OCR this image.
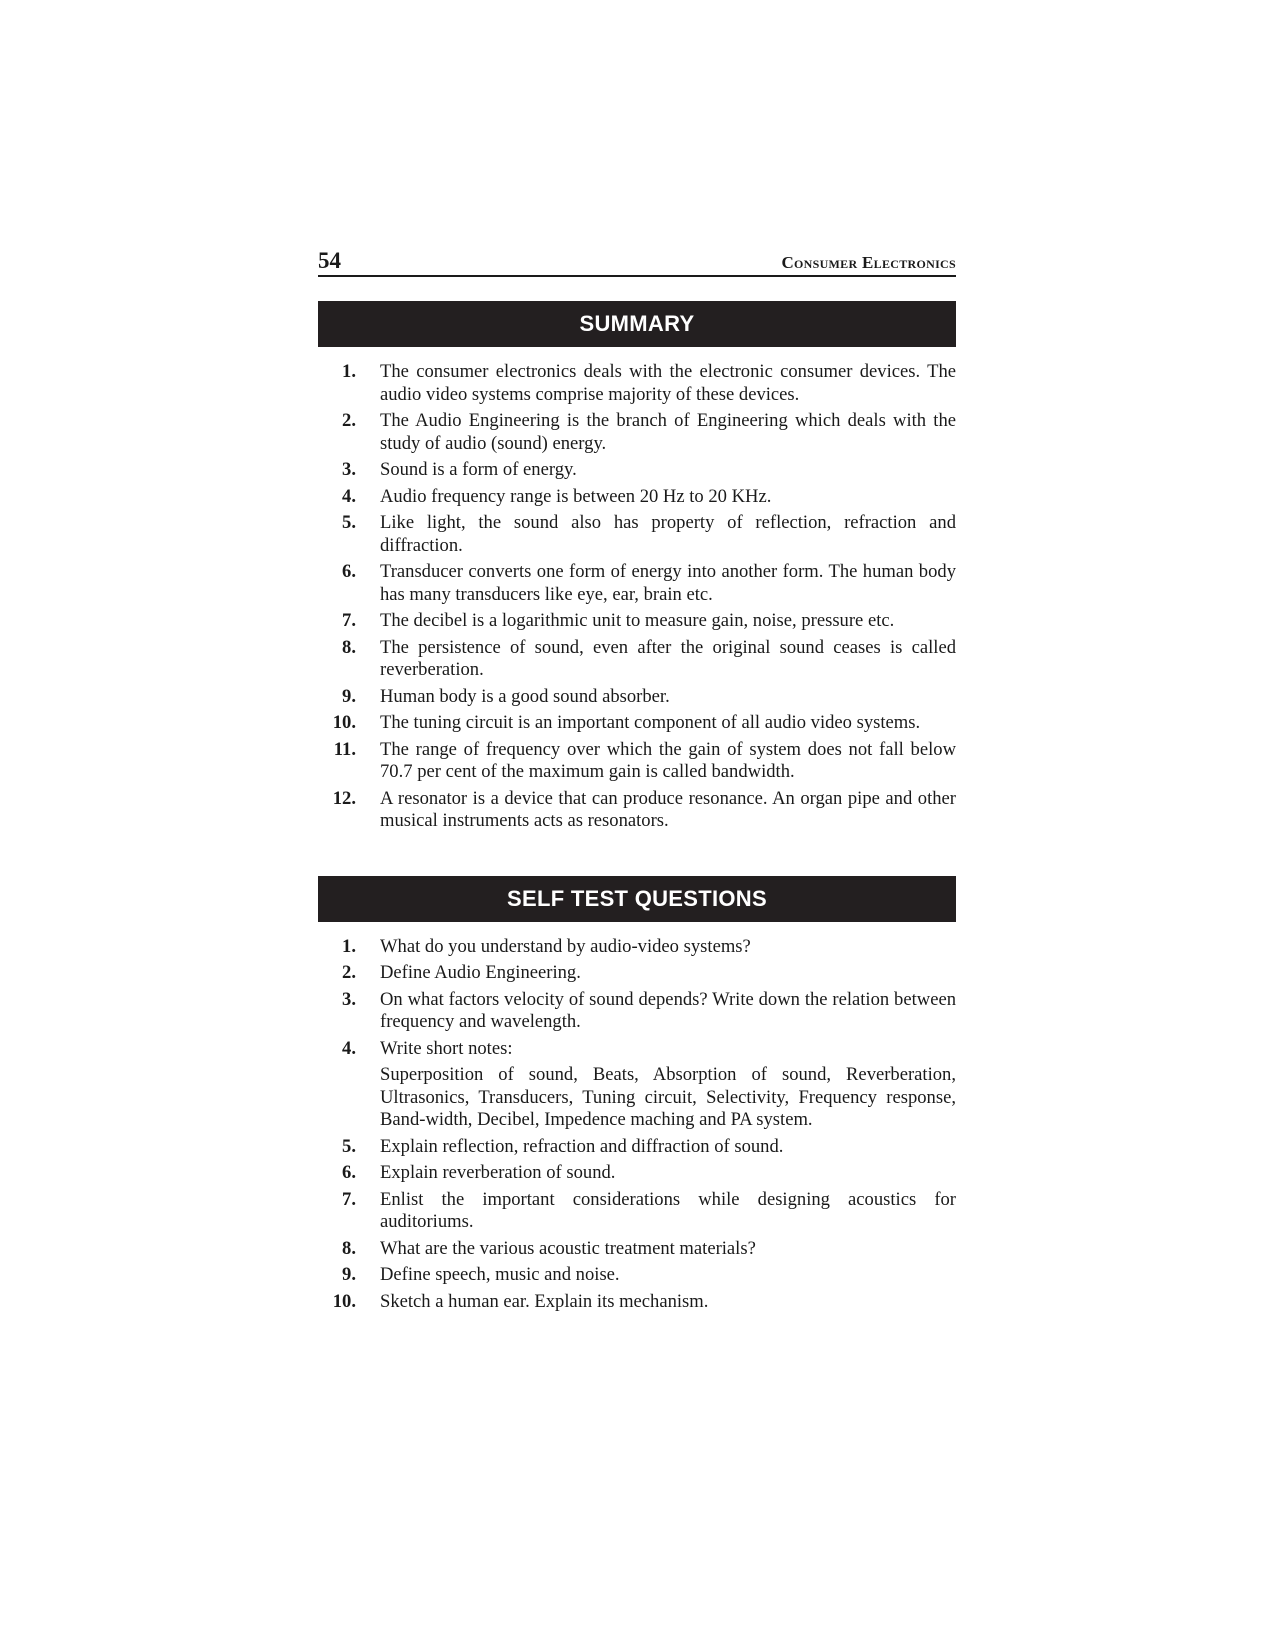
54	Consumer Electronics
SUMMARY
1.	The consumer electronics deals with the electronic consumer devices. The audio video systems comprise majority of these devices.
2.	The Audio Engineering is the branch of Engineering which deals with the study of audio (sound) energy.
3.	Sound is a form of energy.
4.	Audio frequency range is between 20 Hz to 20 KHz.
5.	Like light, the sound also has property of reflection, refraction and diffraction.
6.	Transducer converts one form of energy into another form. The human body has many transducers like eye, ear, brain etc.
7.	The decibel is a logarithmic unit to measure gain, noise, pressure etc.
8.	The persistence of sound, even after the original sound ceases is called reverberation.
9.	Human body is a good sound absorber.
10.	The tuning circuit is an important component of all audio video systems.
11.	The range of frequency over which the gain of system does not fall below 70.7 per cent of the maximum gain is called bandwidth.
12.	A resonator is a device that can produce resonance. An organ pipe and other musical instruments acts as resonators.
SELF TEST QUESTIONS
1.	What do you understand by audio-video systems?
2.	Define Audio Engineering.
3.	On what factors velocity of sound depends? Write down the relation between frequency and wavelength.
4.	Write short notes:
Superposition of sound, Beats, Absorption of sound, Reverberation, Ultrasonics, Transducers, Tuning circuit, Selectivity, Frequency response, Band-width, Decibel, Impedence maching and PA system.
5.	Explain reflection, refraction and diffraction of sound.
6.	Explain reverberation of sound.
7.	Enlist the important considerations while designing acoustics for auditoriums.
8.	What are the various acoustic treatment materials?
9.	Define speech, music and noise.
10.	Sketch a human ear. Explain its mechanism.
